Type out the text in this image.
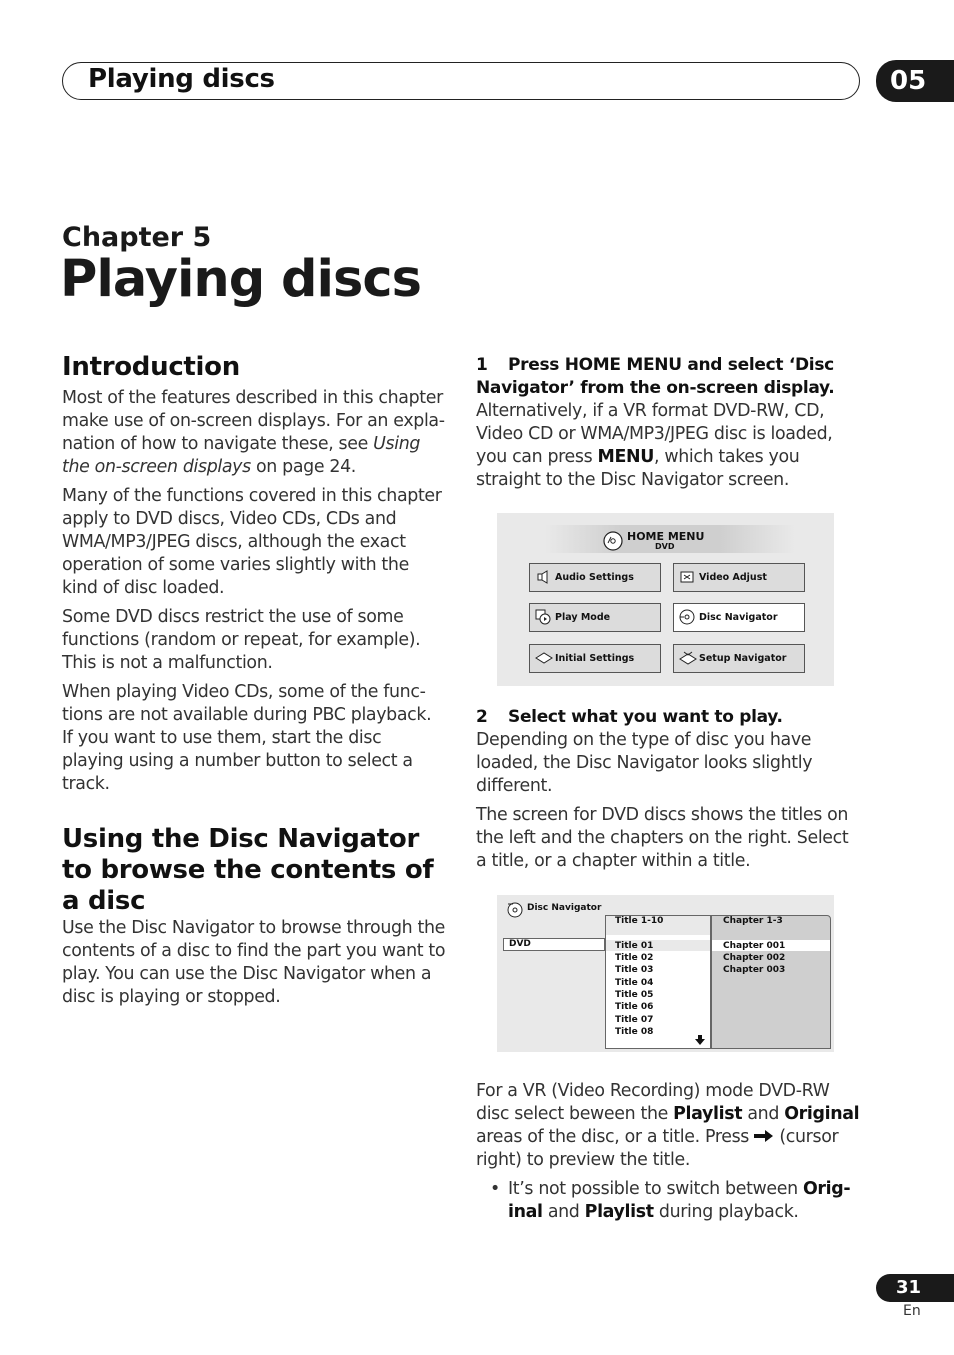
Playing discs	05
Chapter 5
Playing discs
Introduction

Most of the features described in this chapter make use of on-screen displays. For an expla-nation of how to navigate these, see Using the on-screen displays on page 24.

Many of the functions covered in this chapter apply to DVD discs, Video CDs, CDs and WMA/MP3/JPEG discs, although the exact operation of some varies slightly with the kind of disc loaded.

Some DVD discs restrict the use of some functions (random or repeat, for example). This is not a malfunction.

When playing Video CDs, some of the func-tions are not available during PBC playback. If you want to use them, start the disc playing using a number button to select a track.

Using the Disc Navigator to browse the contents of a disc

Use the Disc Navigator to browse through the contents of a disc to find the part you want to play. You can use the Disc Navigator when a disc is playing or stopped.

1 Press HOME MENU and select ‘Disc Navigator’ from the on-screen display.

Alternatively, if a VR format DVD-RW, CD, Video CD or WMA/MP3/JPEG disc is loaded, you can press MENU, which takes you straight to the Disc Navigator screen.

HOME MENU
DVD
Audio Settings	Video Adjust
Play Mode	Disc Navigator
Initial Settings	Setup Navigator
2 Select what you want to play.

Depending on the type of disc you have loaded, the Disc Navigator looks slightly different.

The screen for DVD discs shows the titles on the left and the chapters on the right. Select a title, or a chapter within a title.

Disc Navigator
DVD
Title 1-10	Chapter 1-3
Title 01
Title 02
Title 03
Title 04
Title 05
Title 06
Title 07
Title 08
Chapter 001
Chapter 002
Chapter 003

For a VR (Video Recording) mode DVD-RW disc select beween the Playlist and Original areas of the disc, or a title. Press  (cursor right) to preview the title.

• It’s not possible to switch between Orig-inal and Playlist during playback.

31
En
